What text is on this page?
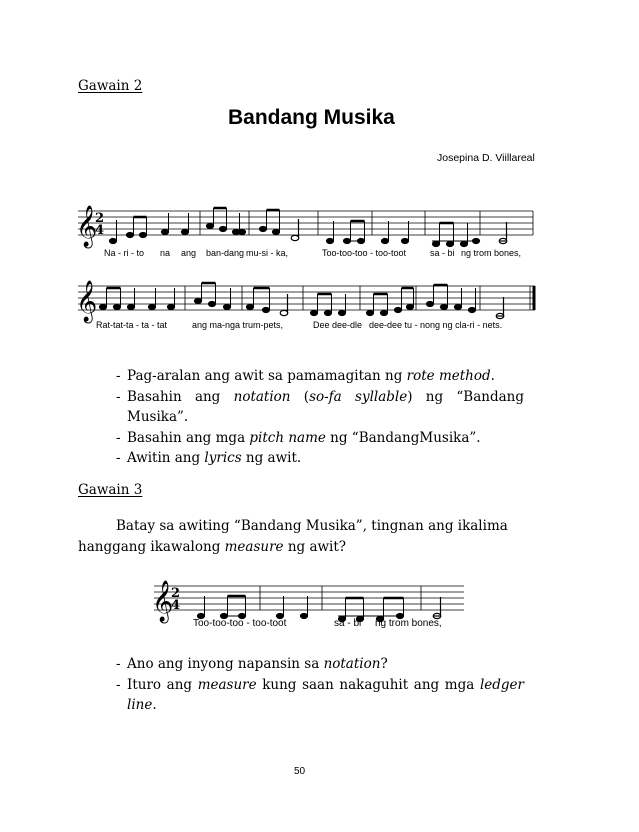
Gawain 2
Bandang Musika
Josepina D. Viillareal
𝄞
2
4
Na - ri - to na ang ban-dang mu-si - ka,	Too-too-too - too-toot	sa - bi ng trom bones,
𝄞
Rat-tat-ta - ta - tat	ang ma-nga trum-pets,	Dee dee-dle dee-dee tu - nong ng cla-ri - nets.
- Pag-aralan ang awit sa pamamagitan ng rote method.
- Basahin ang notation (so-fa syllable) ng “Bandang Musika”.
- Basahin ang mga pitch name ng “BandangMusika”.
- Awitin ang lyrics ng awit.
Gawain 3
Batay sa awiting “Bandang Musika”, tingnan ang ikalima hanggang ikawalong measure ng awit?
𝄞
2
4
Too-too-too - too-toot	sa - bi ng trom bones,
- Ano ang inyong napansin sa notation?
- Ituro ang measure kung saan nakaguhit ang mga ledger line.
50
